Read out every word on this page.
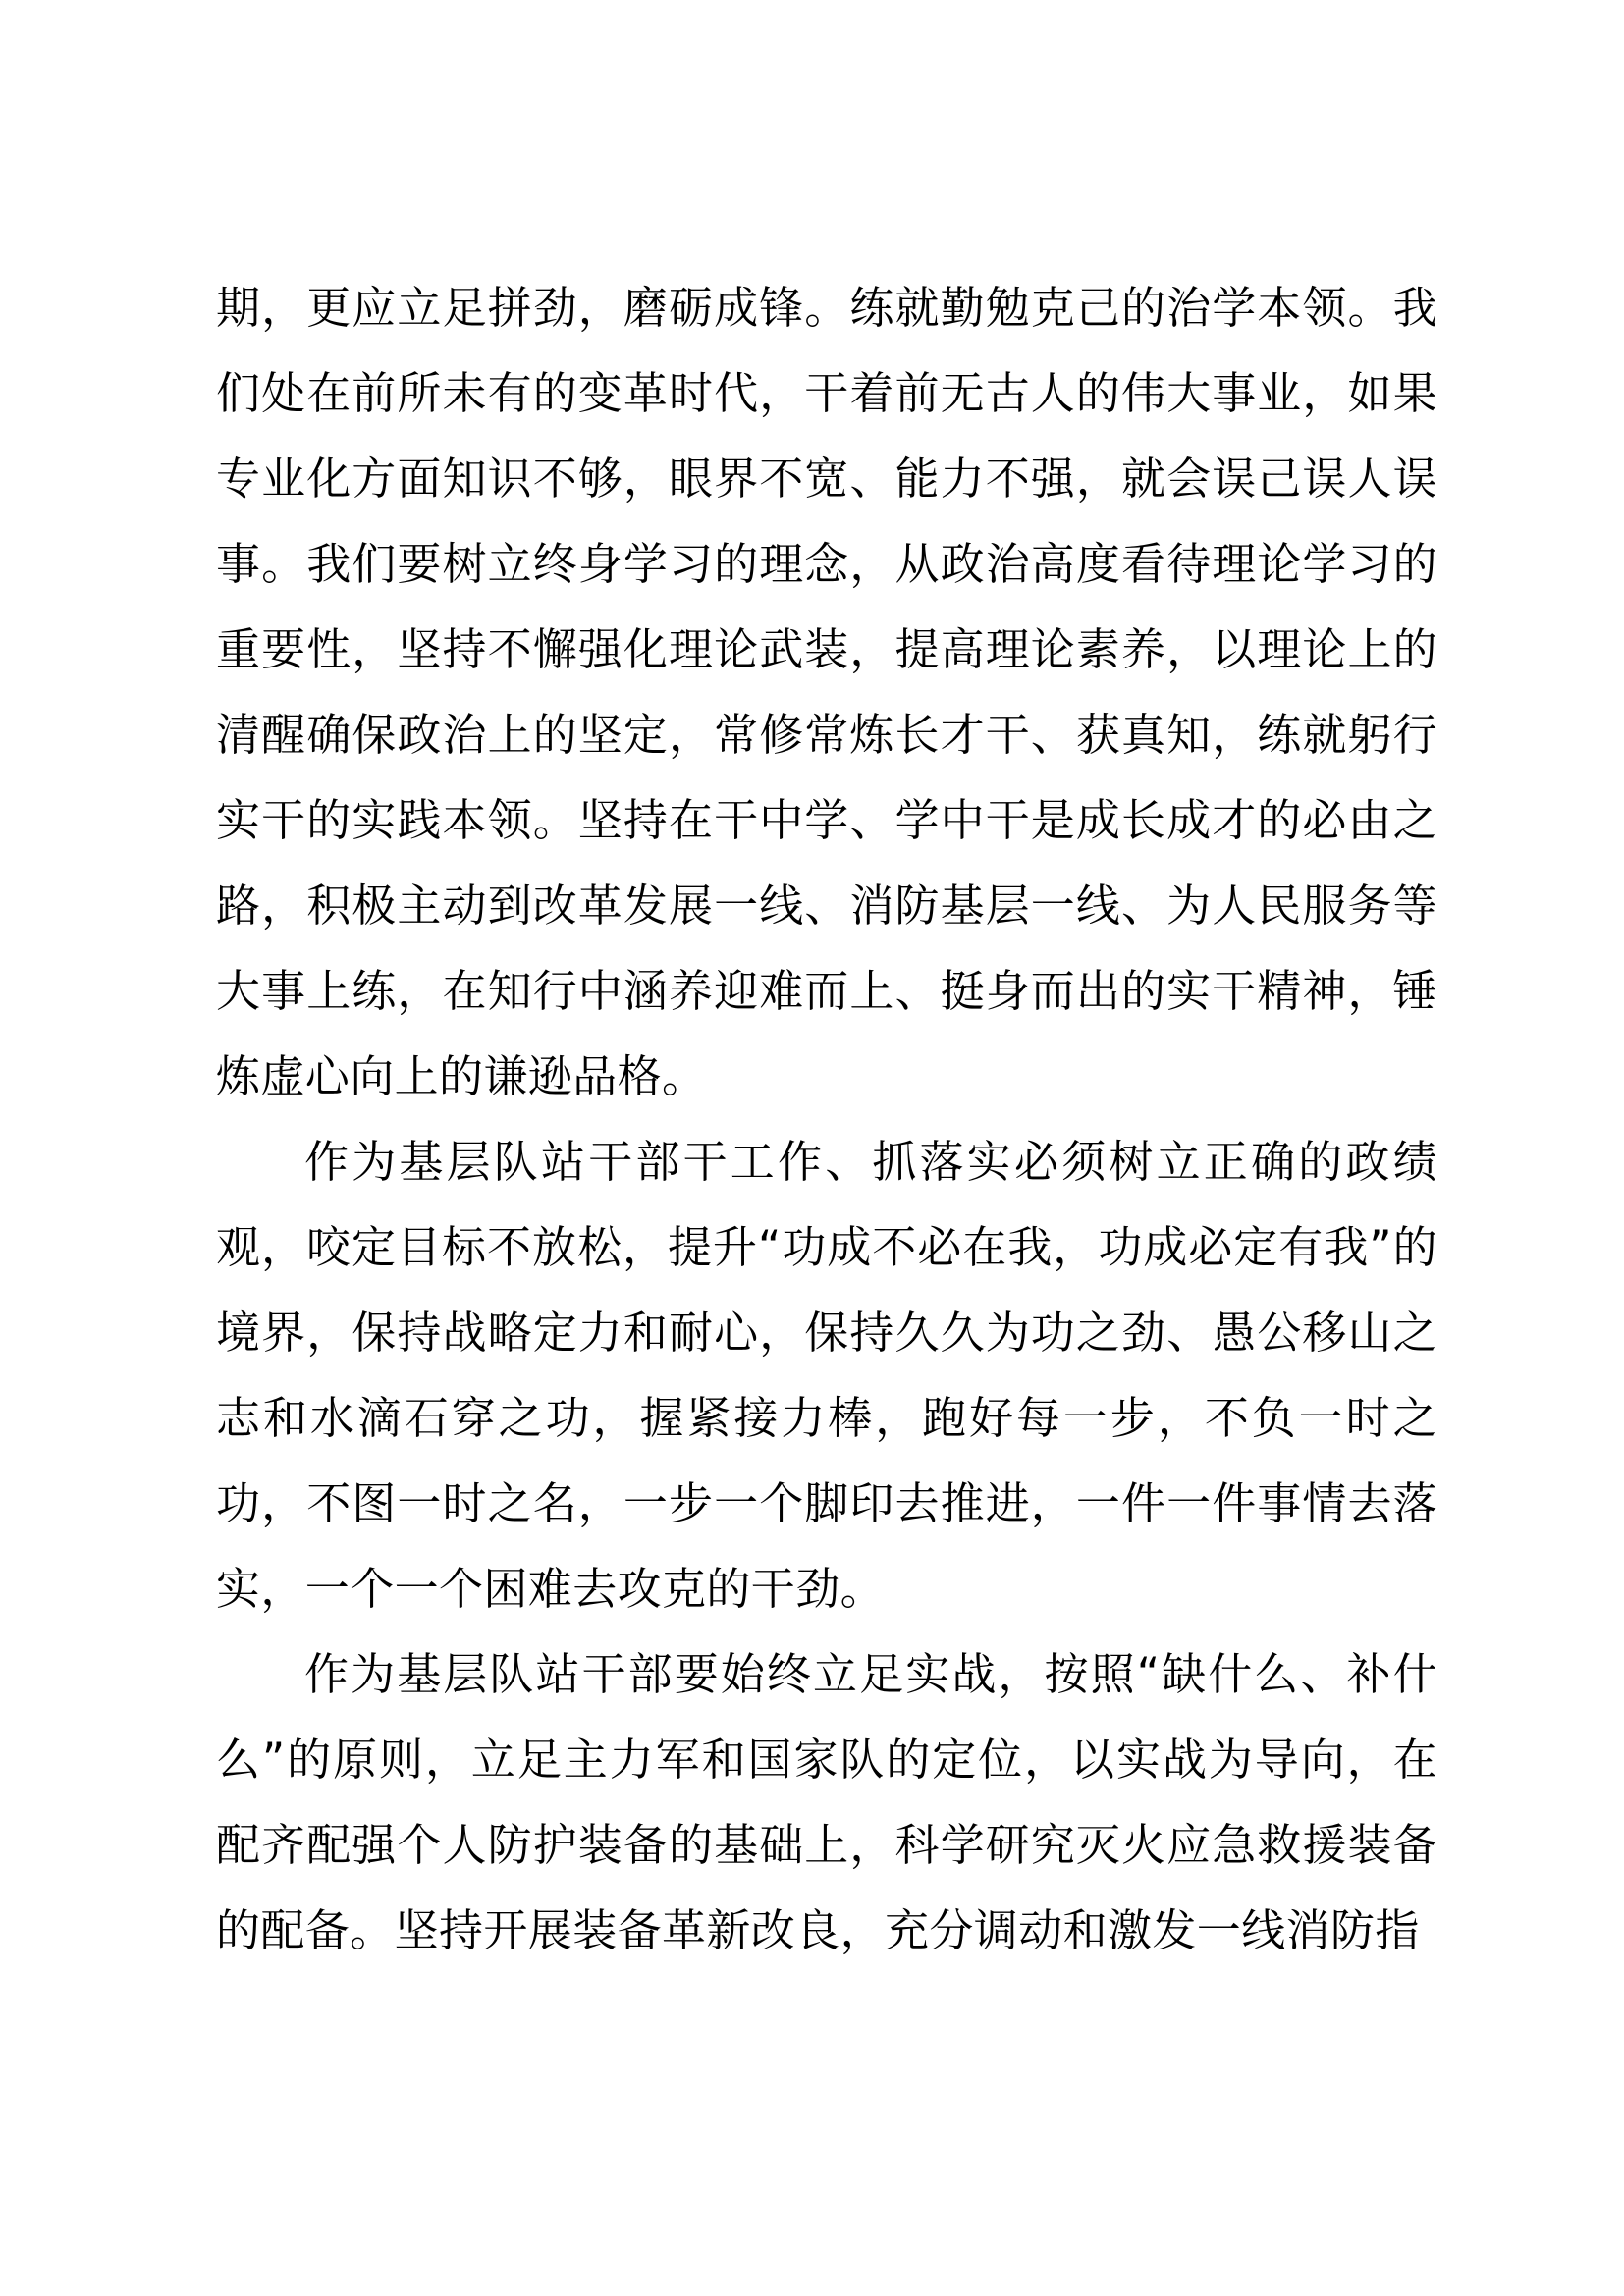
期，更应立足拼劲，磨砺成锋。练就勤勉克己的治学本领。我们处在前所未有的变革时代，干着前无古人的伟大事业，如果专业化方面知识不够，眼界不宽、能力不强，就会误己误人误事。我们要树立终身学习的理念，从政治高度看待理论学习的重要性，坚持不懈强化理论武装，提高理论素养，以理论上的清醒确保政治上的坚定，常修常炼长才干、获真知，练就躬行实干的实践本领。坚持在干中学、学中干是成长成才的必由之路，积极主动到改革发展一线、消防基层一线、为人民服务等大事上练，在知行中涵养迎难而上、挺身而出的实干精神，锤炼虚心向上的谦逊品格。

作为基层队站干部干工作、抓落实必须树立正确的政绩观，咬定目标不放松，提升“功成不必在我，功成必定有我”的境界，保持战略定力和耐心，保持久久为功之劲、愚公移山之志和水滴石穿之功，握紧接力棒，跑好每一步，不负一时之功，不图一时之名，一步一个脚印去推进，一件一件事情去落实，一个一个困难去攻克的干劲。

作为基层队站干部要始终立足实战，按照“缺什么、补什么”的原则，立足主力军和国家队的定位，以实战为导向，在配齐配强个人防护装备的基础上，科学研究灭火应急救援装备的配备。坚持开展装备革新改良，充分调动和激发一线消防指
